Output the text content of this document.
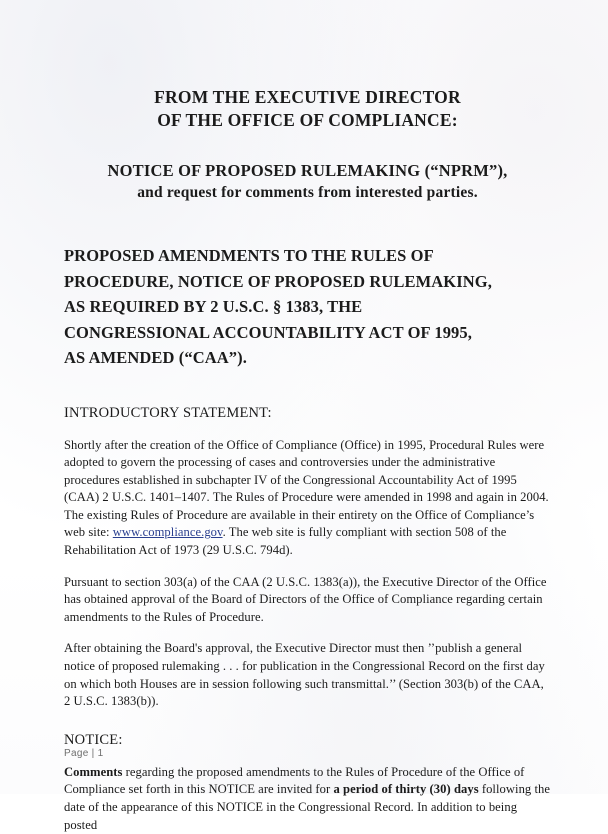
FROM THE EXECUTIVE DIRECTOR
OF THE OFFICE OF COMPLIANCE:
NOTICE OF PROPOSED RULEMAKING (“NPRM”),
and request for comments from interested parties.
PROPOSED AMENDMENTS TO THE RULES OF
PROCEDURE, NOTICE OF PROPOSED RULEMAKING,
AS REQUIRED BY 2 U.S.C. § 1383, THE
CONGRESSIONAL ACCOUNTABILITY ACT OF 1995,
AS AMENDED (“CAA”).
INTRODUCTORY STATEMENT:

Shortly after the creation of the Office of Compliance (Office) in 1995, Procedural Rules were adopted to govern the processing of cases and controversies under the administrative procedures established in subchapter IV of the Congressional Accountability Act of 1995 (CAA) 2 U.S.C. 1401–1407. The Rules of Procedure were amended in 1998 and again in 2004. The existing Rules of Procedure are available in their entirety on the Office of Compliance’s web site: www.compliance.gov. The web site is fully compliant with section 508 of the Rehabilitation Act of 1973 (29 U.S.C. 794d).

Pursuant to section 303(a) of the CAA (2 U.S.C. 1383(a)), the Executive Director of the Office has obtained approval of the Board of Directors of the Office of Compliance regarding certain amendments to the Rules of Procedure.

After obtaining the Board's approval, the Executive Director must then ’’publish a general notice of proposed rulemaking . . . for publication in the Congressional Record on the first day on which both Houses are in session following such transmittal.’’ (Section 303(b) of the CAA, 2 U.S.C. 1383(b)).

NOTICE:

Comments regarding the proposed amendments to the Rules of Procedure of the Office of Compliance set forth in this NOTICE are invited for a period of thirty (30) days following the date of the appearance of this NOTICE in the Congressional Record. In addition to being posted

Page | 1
